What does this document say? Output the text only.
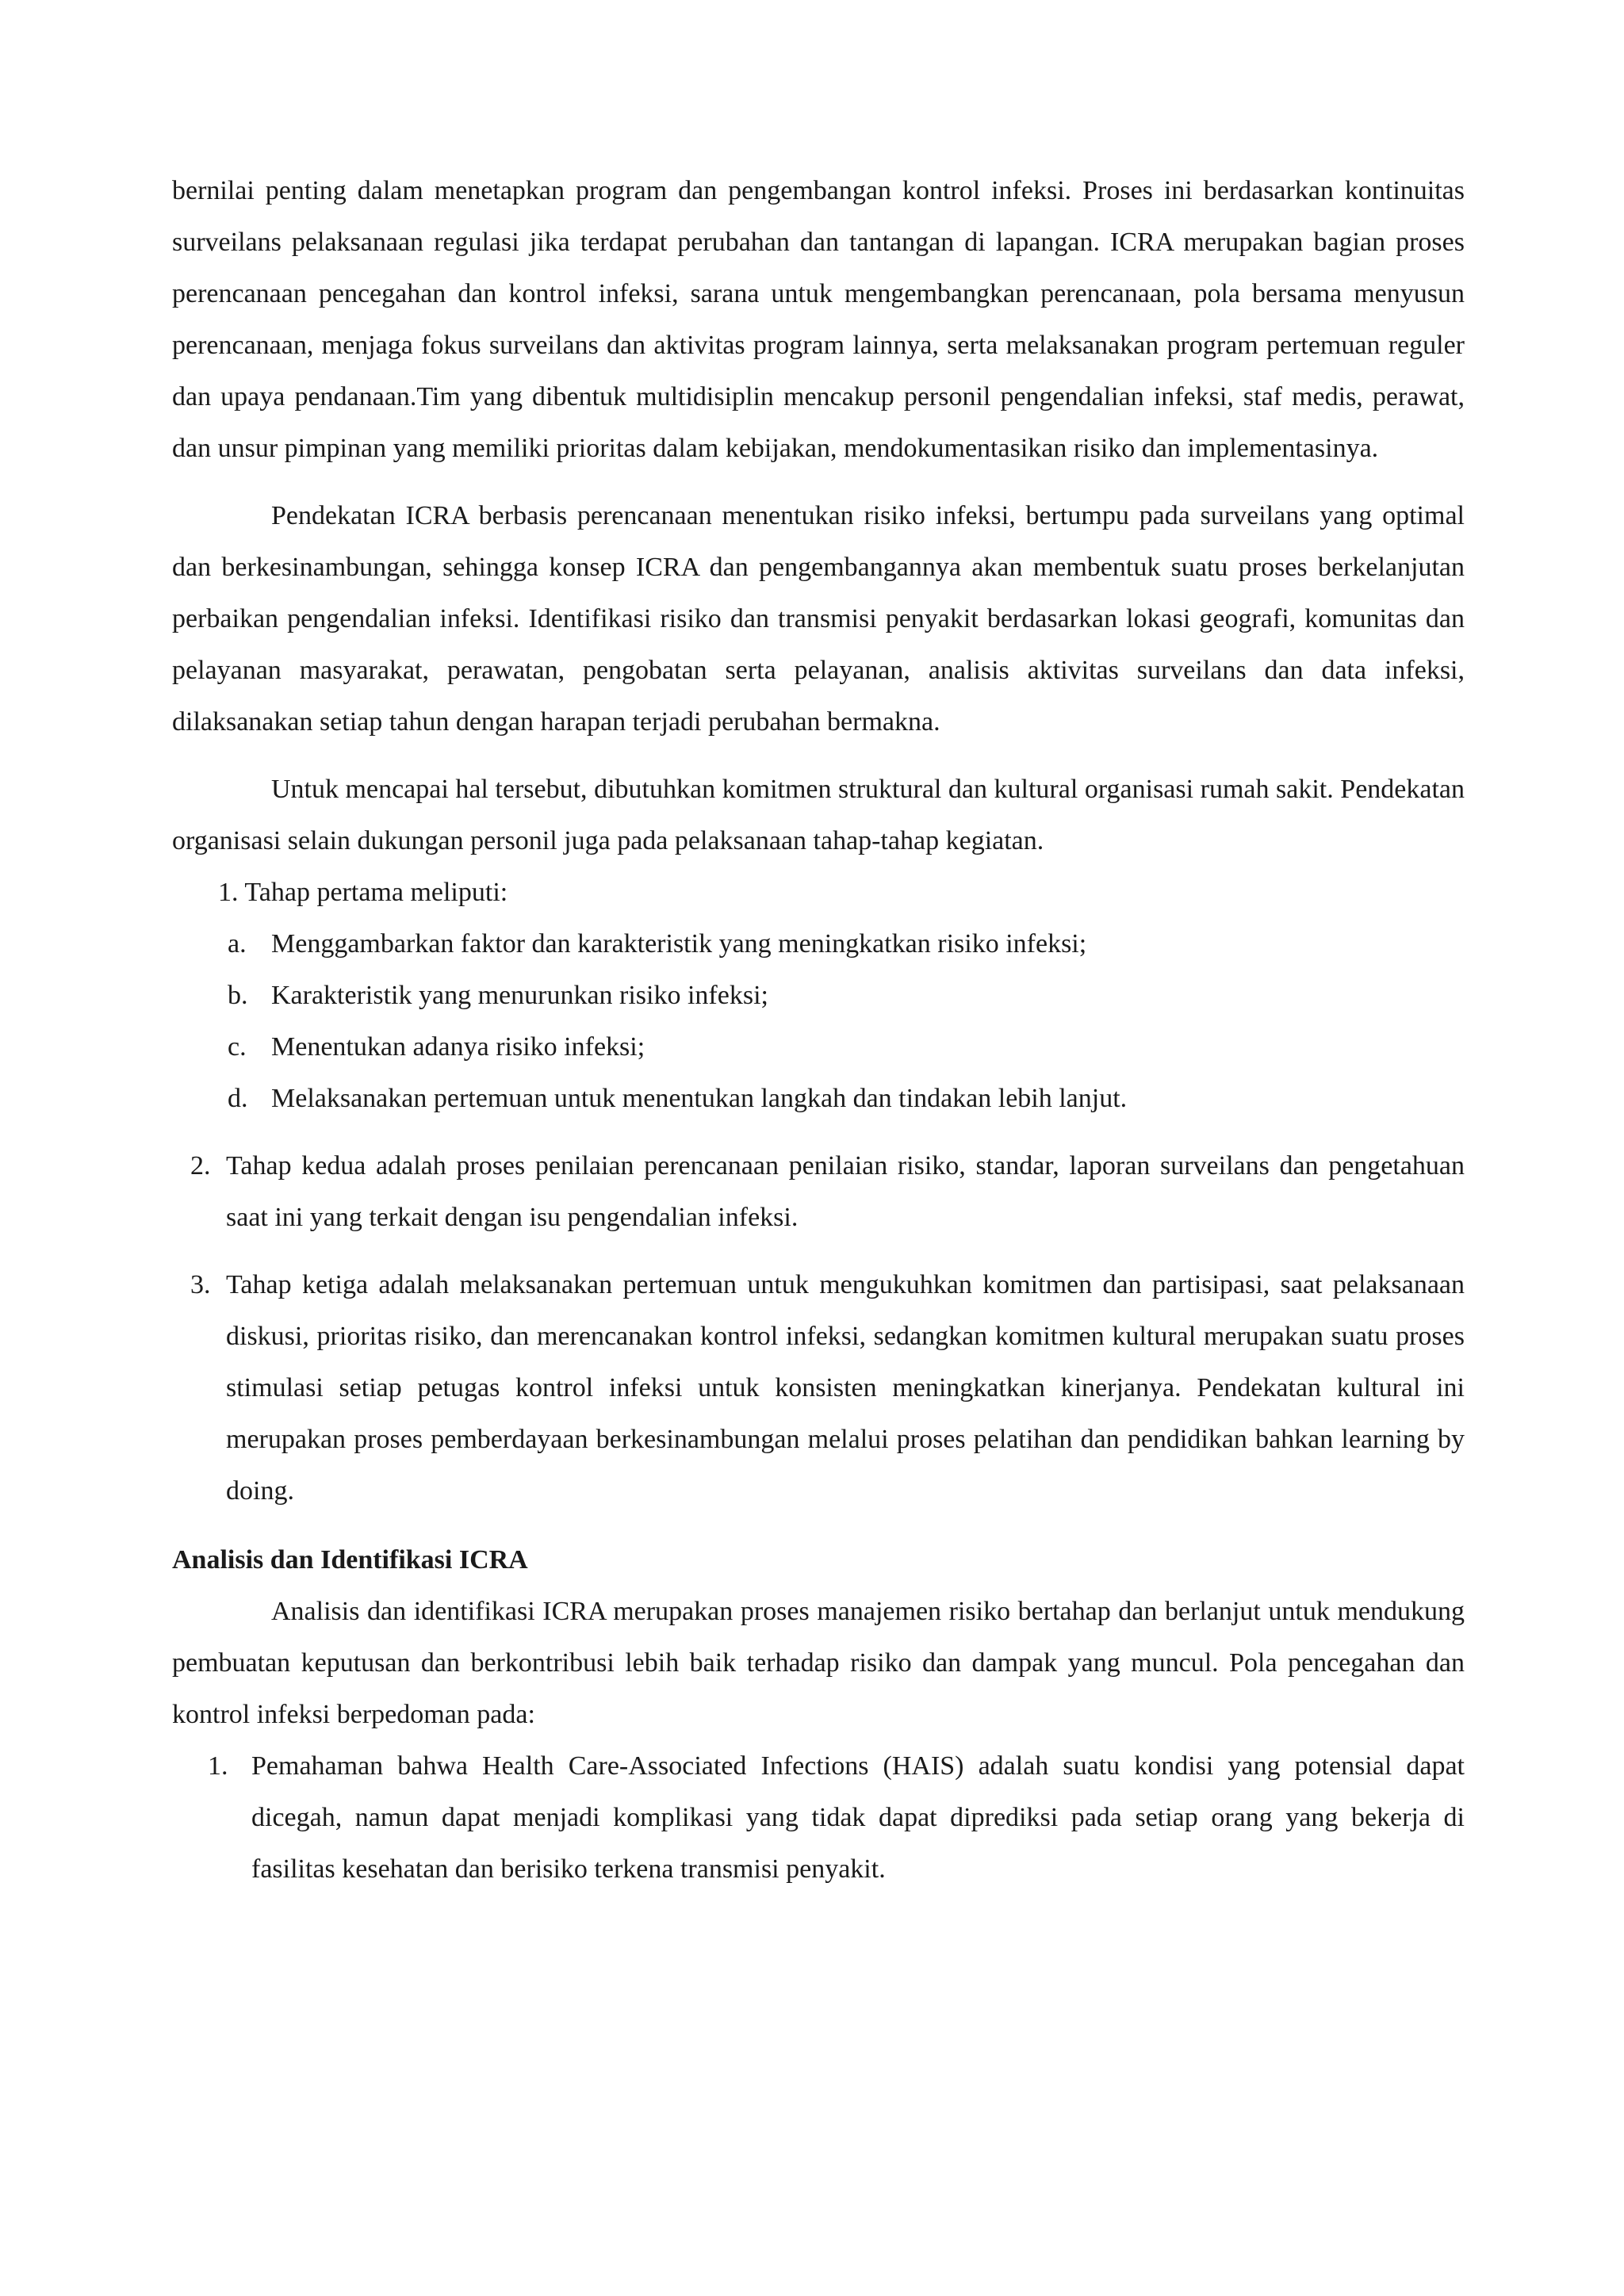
bernilai penting dalam menetapkan program dan pengembangan kontrol infeksi. Proses ini berdasarkan kontinuitas surveilans pelaksanaan regulasi jika terdapat perubahan dan tantangan di lapangan. ICRA merupakan bagian proses perencanaan pencegahan dan kontrol infeksi, sarana untuk mengembangkan perencanaan, pola bersama menyusun perencanaan, menjaga fokus surveilans dan aktivitas program lainnya, serta melaksanakan program pertemuan reguler dan upaya pendanaan.Tim yang dibentuk multidisiplin mencakup personil pengendalian infeksi, staf medis, perawat, dan unsur pimpinan yang memiliki prioritas dalam kebijakan, mendokumentasikan risiko dan implementasinya.

Pendekatan ICRA berbasis perencanaan menentukan risiko infeksi, bertumpu pada surveilans yang optimal dan berkesinambungan, sehingga konsep ICRA dan pengembangannya akan membentuk suatu proses berkelanjutan perbaikan pengendalian infeksi. Identifikasi risiko dan transmisi penyakit berdasarkan lokasi geografi, komunitas dan pelayanan masyarakat, perawatan, pengobatan serta pelayanan, analisis aktivitas surveilans dan data infeksi, dilaksanakan setiap tahun dengan harapan terjadi perubahan bermakna.

Untuk mencapai hal tersebut, dibutuhkan komitmen struktural dan kultural organisasi rumah sakit. Pendekatan organisasi selain dukungan personil juga pada pelaksanaan tahap-tahap kegiatan.

1. Tahap pertama meliputi:
a. Menggambarkan faktor dan karakteristik yang meningkatkan risiko infeksi;
b. Karakteristik yang menurunkan risiko infeksi;
c. Menentukan adanya risiko infeksi;
d. Melaksanakan pertemuan untuk menentukan langkah dan tindakan lebih lanjut.
2. Tahap kedua adalah proses penilaian perencanaan penilaian risiko, standar, laporan surveilans dan pengetahuan saat ini yang terkait dengan isu pengendalian infeksi.
3. Tahap ketiga adalah melaksanakan pertemuan untuk mengukuhkan komitmen dan partisipasi, saat pelaksanaan diskusi, prioritas risiko, dan merencanakan kontrol infeksi, sedangkan komitmen kultural merupakan suatu proses stimulasi setiap petugas kontrol infeksi untuk konsisten meningkatkan kinerjanya. Pendekatan kultural ini merupakan proses pemberdayaan berkesinambungan melalui proses pelatihan dan pendidikan bahkan learning by doing.
Analisis dan Identifikasi ICRA

Analisis dan identifikasi ICRA merupakan proses manajemen risiko bertahap dan berlanjut untuk mendukung pembuatan keputusan dan berkontribusi lebih baik terhadap risiko dan dampak yang muncul. Pola pencegahan dan kontrol infeksi berpedoman pada:

1. Pemahaman bahwa Health Care-Associated Infections (HAIS) adalah suatu kondisi yang potensial dapat dicegah, namun dapat menjadi komplikasi yang tidak dapat diprediksi pada setiap orang yang bekerja di fasilitas kesehatan dan berisiko terkena transmisi penyakit.
